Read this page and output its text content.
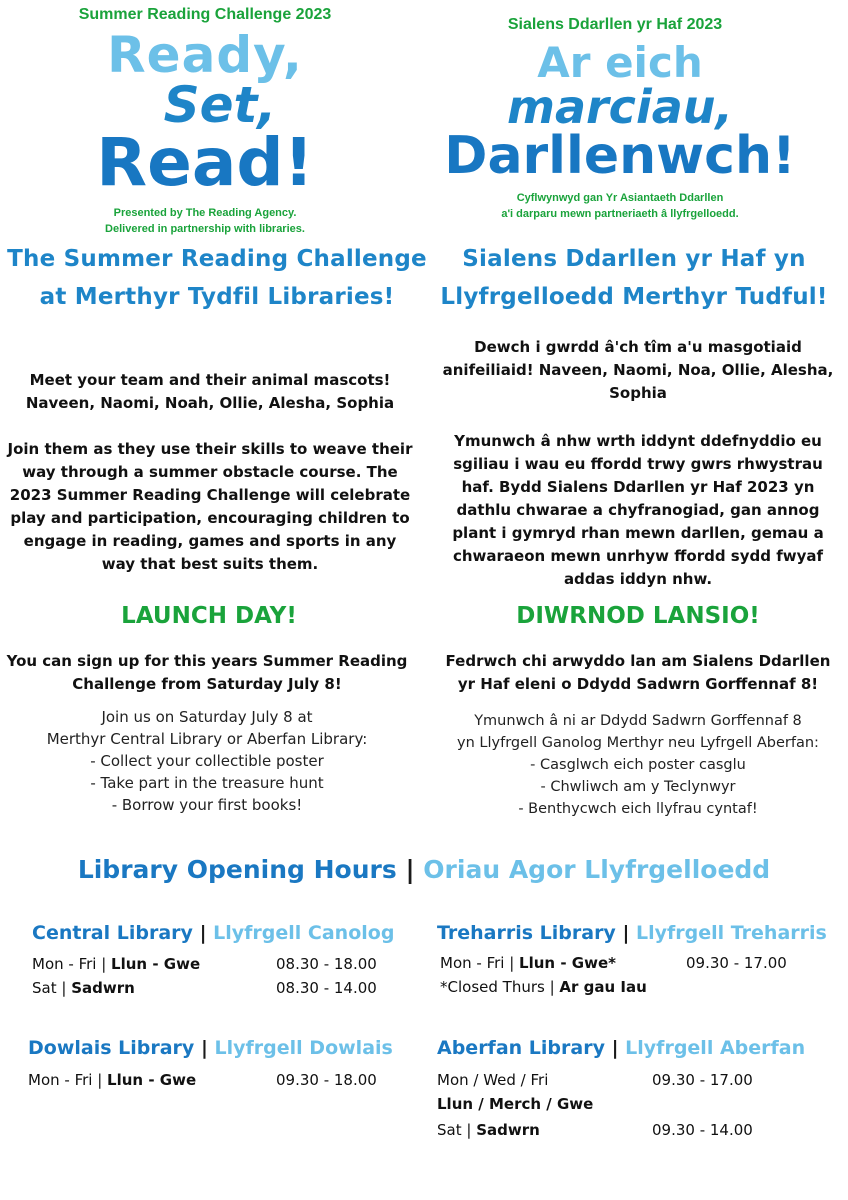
Summer Reading Challenge 2023
Ready,
Set,
Read!
Presented by The Reading Agency.
Delivered in partnership with libraries.
Sialens Ddarllen yr Haf 2023
Ar eich
marciau,
Darllenwch!
Cyflwynwyd gan Yr Asiantaeth Ddarllen
a'i darparu mewn partneriaeth â llyfrgelloedd.
The Summer Reading Challenge
at Merthyr Tydfil Libraries!
Sialens Ddarllen yr Haf yn
Llyfrgelloedd Merthyr Tudful!
Meet your team and their animal mascots!
Naveen, Naomi, Noah, Ollie, Alesha, Sophia
Join them as they use their skills to weave their
way through a summer obstacle course. The
2023 Summer Reading Challenge will celebrate
play and participation, encouraging children to
engage in reading, games and sports in any
way that best suits them.
Dewch i gwrdd â'ch tîm a'u masgotiaid
anifeiliaid! Naveen, Naomi, Noa, Ollie, Alesha,
Sophia
Ymunwch â nhw wrth iddynt ddefnyddio eu
sgiliau i wau eu ffordd trwy gwrs rhwystrau
haf. Bydd Sialens Ddarllen yr Haf 2023 yn
dathlu chwarae a chyfranogiad, gan annog
plant i gymryd rhan mewn darllen, gemau a
chwaraeon mewn unrhyw ffordd sydd fwyaf
addas iddyn nhw.
LAUNCH DAY!	DIWRNOD LANSIO!
You can sign up for this years Summer Reading
Challenge from Saturday July 8!
Fedrwch chi arwyddo lan am Sialens Ddarllen
yr Haf eleni o Ddydd Sadwrn Gorffennaf 8!
Join us on Saturday July 8 at
Merthyr Central Library or Aberfan Library:
- Collect your collectible poster
- Take part in the treasure hunt
- Borrow your first books!
Ymunwch â ni ar Ddydd Sadwrn Gorffennaf 8
yn Llyfrgell Ganolog Merthyr neu Lyfrgell Aberfan:
- Casglwch eich poster casglu
- Chwliwch am y Teclynwyr
- Benthycwch eich llyfrau cyntaf!
Library Opening Hours | Oriau Agor Llyfrgelloedd
Central Library | Llyfrgell Canolog
Mon - Fri | Llun - Gwe	08.30 - 18.00
Sat | Sadwrn	08.30 - 14.00
Treharris Library | Llyfrgell Treharris
Mon - Fri | Llun - Gwe*	09.30 - 17.00
*Closed Thurs | Ar gau Iau
Dowlais Library | Llyfrgell Dowlais
Mon - Fri | Llun - Gwe	09.30 - 18.00
Aberfan Library | Llyfrgell Aberfan
Mon / Wed / Fri	09.30 - 17.00
Llun / Merch / Gwe
Sat | Sadwrn	09.30 - 14.00
